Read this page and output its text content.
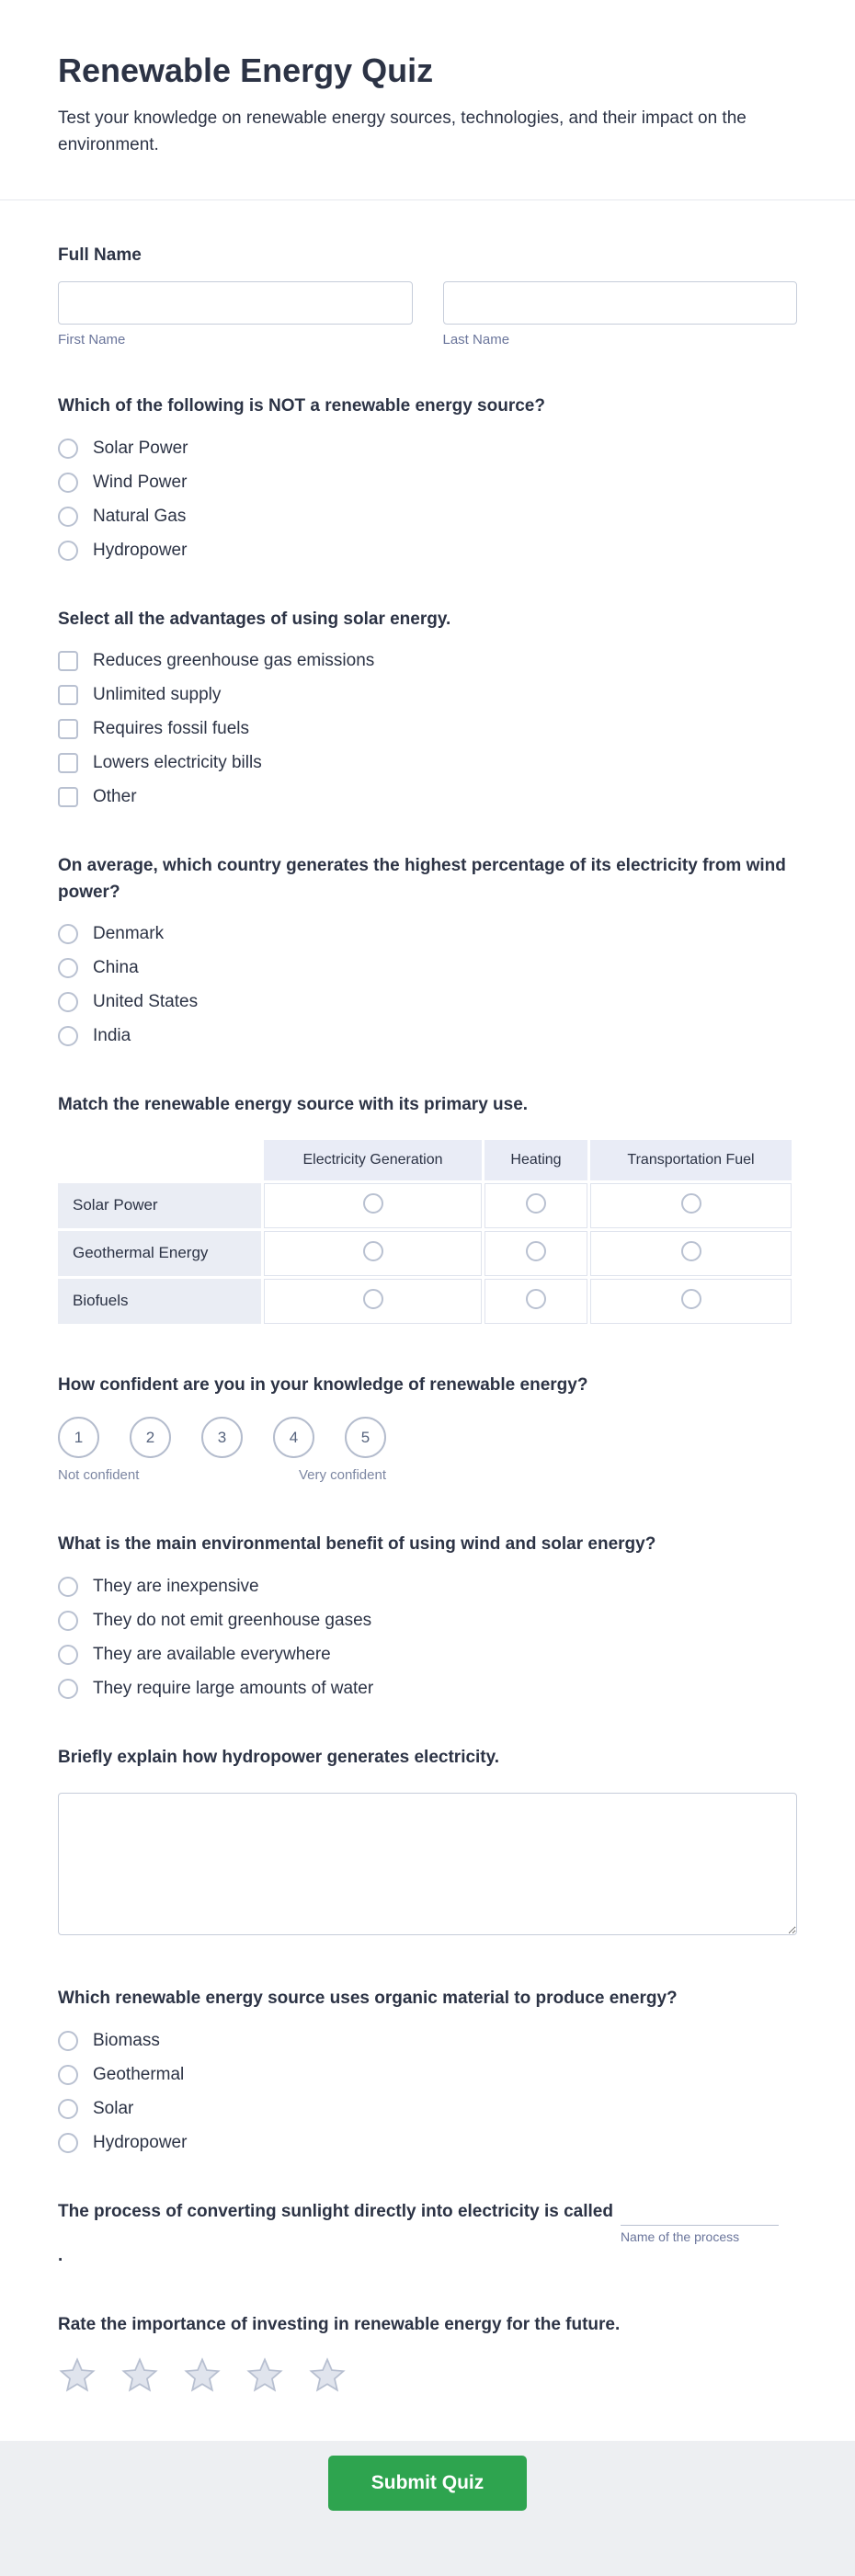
Renewable Energy Quiz

Test your knowledge on renewable energy sources, technologies, and their impact on the environment.

Full Name
First Name	Last Name
Which of the following is NOT a renewable energy source?
Solar Power
Wind Power
Natural Gas
Hydropower
Select all the advantages of using solar energy.
Reduces greenhouse gas emissions
Unlimited supply
Requires fossil fuels
Lowers electricity bills
Other
On average, which country generates the highest percentage of its electricity from wind power?
Denmark
China
United States
India
Match the renewable energy source with its primary use.
	Electricity Generation	Heating	Transportation Fuel
Solar Power			
Geothermal Energy			
Biofuels			
How confident are you in your knowledge of renewable energy?
1	2	3	4	5
Not confident	Very confident
What is the main environmental benefit of using wind and solar energy?
They are inexpensive
They do not emit greenhouse gases
They are available everywhere
They require large amounts of water
Briefly explain how hydropower generates electricity.
Which renewable energy source uses organic material to produce energy?
Biomass
Geothermal
Solar
Hydropower
The process of converting sunlight directly into electricity is called
Name of the process
.
Rate the importance of investing in renewable energy for the future.
Submit Quiz
